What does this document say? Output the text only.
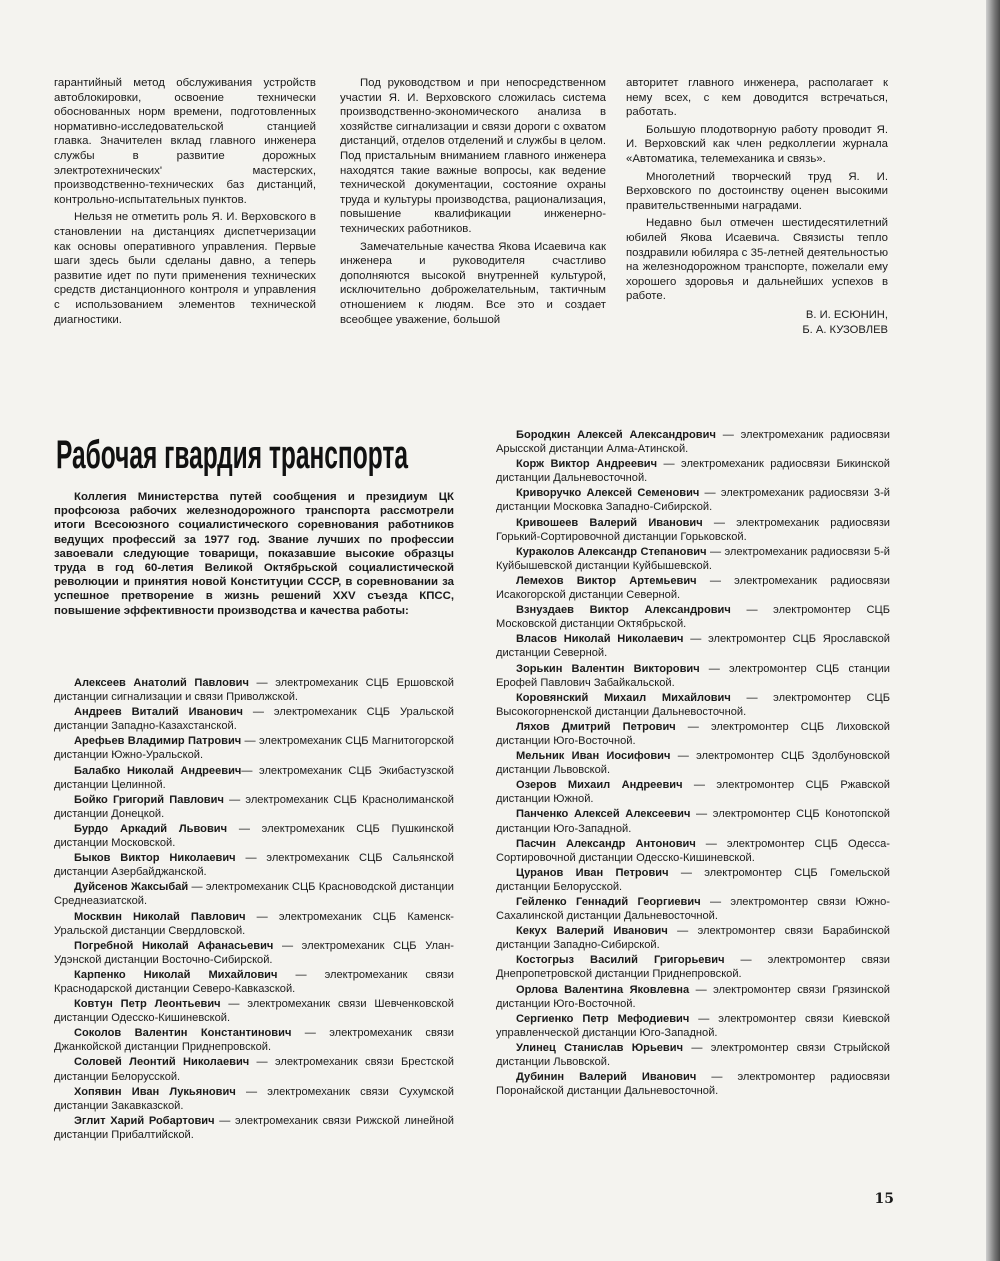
гарантийный метод обслуживания устройств автоблокировки, освоение технически обоснованных норм времени, подготовленных нормативно-исследовательской станцией главка. Значителен вклад главного инженера службы в развитие дорожных электротехнических' мастерских, производственно-технических баз дистанций, контрольно-испытательных пунктов.

Нельзя не отметить роль Я. И. Верховского в становлении на дистанциях диспетчеризации как основы оперативного управления. Первые шаги здесь были сделаны давно, а теперь развитие идет по пути применения технических средств дистанционного контроля и управления с использованием элементов технической диагностики.

Под руководством и при непосредственном участии Я. И. Верховского сложилась система производственно-экономического анализа в хозяйстве сигнализации и связи дороги с охватом дистанций, отделов отделений и службы в целом. Под пристальным вниманием главного инженера находятся такие важные вопросы, как ведение технической документации, состояние охраны труда и культуры производства, рационализация, повышение квалификации инженерно-технических работников.

Замечательные качества Якова Исаевича как инженера и руководителя счастливо дополняются высокой внутренней культурой, исключительно доброжелательным, тактичным отношением к людям. Все это и создает всеобщее уважение, большой

авторитет главного инженера, располагает к нему всех, с кем доводится встречаться, работать.

Большую плодотворную работу проводит Я. И. Верховский как член редколлегии журнала «Автоматика, телемеханика и связь».

Многолетний творческий труд Я. И. Верховского по достоинству оценен высокими правительственными наградами.

Недавно был отмечен шестидесятилетний юбилей Якова Исаевича. Связисты тепло поздравили юбиляра с 35-летней деятельностью на железнодорожном транспорте, пожелали ему хорошего здоровья и дальнейших успехов в работе.

В. И. ЕСЮНИН,
Б. А. КУЗОВЛЕВ
Рабочая гвардия транспорта

Коллегия Министерства путей сообщения и президиум ЦК профсоюза рабочих железнодорожного транспорта рассмотрели итоги Всесоюзного социалистического соревнования работников ведущих профессий за 1977 год. Звание лучших по профессии завоевали следующие товарищи, показавшие высокие образцы труда в год 60-летия Великой Октябрьской социалистической революции и принятия новой Конституции СССР, в соревновании за успешное претворение в жизнь решений XXV съезда КПСС, повышение эффективности производства и качества работы:

Алексеев Анатолий Павлович — электромеханик СЦБ Ершовской дистанции сигнализации и связи Приволжской.
Андреев Виталий Иванович — электромеханик СЦБ Уральской дистанции Западно-Казахстанской.
Арефьев Владимир Патрович — электромеханик СЦБ Магнитогорской дистанции Южно-Уральской.
Балабко Николай Андреевич— электромеханик СЦБ Экибастузской дистанции Целинной.
Бойко Григорий Павлович — электромеханик СЦБ Краснолиманской дистанции Донецкой.
Бурдо Аркадий Львович — электромеханик СЦБ Пушкинской дистанции Московской.
Быков Виктор Николаевич — электромеханик СЦБ Сальянской дистанции Азербайджанской.
Дуйсенов Жаксыбай — электромеханик СЦБ Красноводской дистанции Среднеазиатской.
Москвин Николай Павлович — электромеханик СЦБ Каменск-Уральской дистанции Свердловской.
Погребной Николай Афанасьевич — электромеханик СЦБ Улан-Удэнской дистанции Восточно-Сибирской.
Карпенко Николай Михайлович — электромеханик связи Краснодарской дистанции Северо-Кавказской.
Ковтун Петр Леонтьевич — электромеханик связи Шевченковской дистанции Одесско-Кишиневской.
Соколов Валентин Константинович — электромеханик связи Джанкойской дистанции Приднепровской.
Соловей Леонтий Николаевич — электромеханик связи Брестской дистанции Белорусской.
Хопявин Иван Лукьянович — электромеханик связи Сухумской дистанции Закавказской.
Эглит Харий Робартович — электромеханик связи Рижской линейной дистанции Прибалтийской.
Бородкин Алексей Александрович — электромеханик радиосвязи Арысской дистанции Алма-Атинской.
Корж Виктор Андреевич — электромеханик радиосвязи Бикинской дистанции Дальневосточной.
Криворучко Алексей Семенович — электромеханик радиосвязи 3-й дистанции Московка Западно-Сибирской.
Кривошеев Валерий Иванович — электромеханик радиосвязи Горький-Сортировочной дистанции Горьковской.
Кураколов Александр Степанович — электромеханик радиосвязи 5-й Куйбышевской дистанции Куйбышевской.
Лемехов Виктор Артемьевич — электромеханик радиосвязи Исакогорской дистанции Северной.
Взнуздаев Виктор Александрович — электромонтер СЦБ Московской дистанции Октябрьской.
Власов Николай Николаевич — электромонтер СЦБ Ярославской дистанции Северной.
Зорькин Валентин Викторович — электромонтер СЦБ станции Ерофей Павлович Забайкальской.
Коровянский Михаил Михайлович — электромонтер СЦБ Высокогорненской дистанции Дальневосточной.
Ляхов Дмитрий Петрович — электромонтер СЦБ Лиховской дистанции Юго-Восточной.
Мельник Иван Иосифович — электромонтер СЦБ Здолбуновской дистанции Львовской.
Озеров Михаил Андреевич — электромонтер СЦБ Ржавской дистанции Южной.
Панченко Алексей Алексеевич — электромонтер СЦБ Конотопской дистанции Юго-Западной.
Пасчин Александр Антонович — электромонтер СЦБ Одесса-Сортировочной дистанции Одесско-Кишиневской.
Цуранов Иван Петрович — электромонтер СЦБ Гомельской дистанции Белорусской.
Гейленко Геннадий Георгиевич — электромонтер связи Южно-Сахалинской дистанции Дальневосточной.
Кекух Валерий Иванович — электромонтер связи Барабинской дистанции Западно-Сибирской.
Костогрыз Василий Григорьевич — электромонтер связи Днепропетровской дистанции Приднепровской.
Орлова Валентина Яковлевна — электромонтер связи Грязинской дистанции Юго-Восточной.
Сергиенко Петр Мефодиевич — электромонтер связи Киевской управленческой дистанции Юго-Западной.
Улинец Станислав Юрьевич — электромонтер связи Стрыйской дистанции Львовской.
Дубинин Валерий Иванович — электромонтер радиосвязи Поронайской дистанции Дальневосточной.
15
